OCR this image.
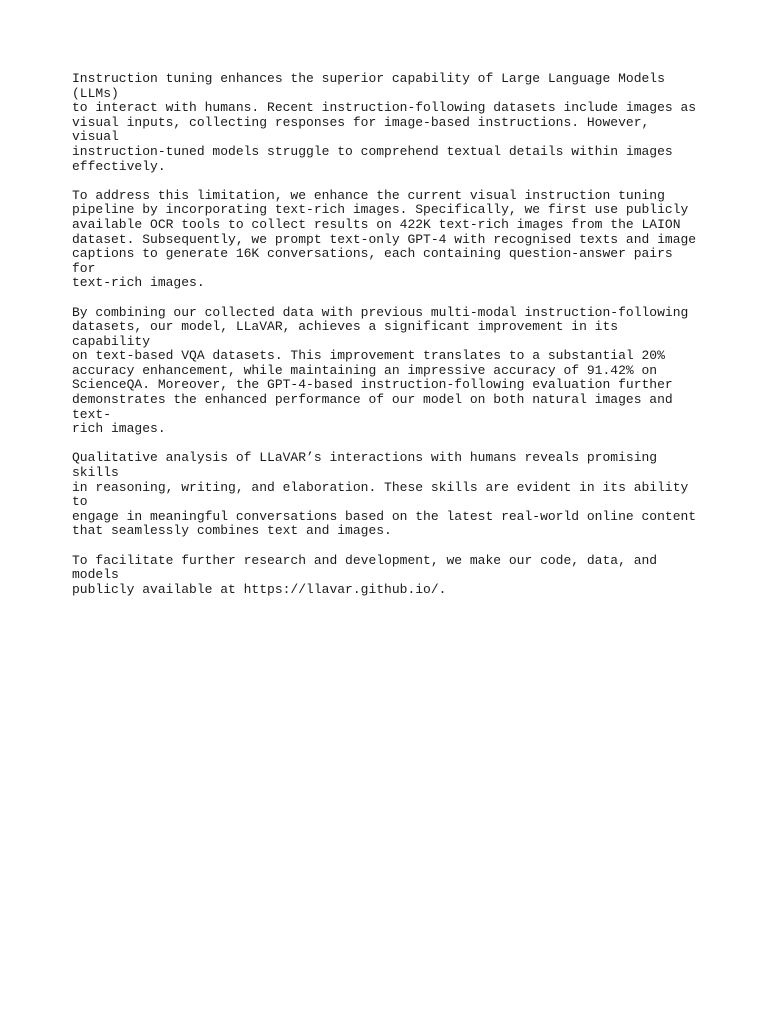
Instruction tuning enhances the superior capability of Large Language Models (LLMs)
to interact with humans. Recent instruction-following datasets include images as
visual inputs, collecting responses for image-based instructions. However, visual
instruction-tuned models struggle to comprehend textual details within images
effectively.

To address this limitation, we enhance the current visual instruction tuning
pipeline by incorporating text-rich images. Specifically, we first use publicly
available OCR tools to collect results on 422K text-rich images from the LAION
dataset. Subsequently, we prompt text-only GPT-4 with recognised texts and image
captions to generate 16K conversations, each containing question-answer pairs for
text-rich images.

By combining our collected data with previous multi-modal instruction-following
datasets, our model, LLaVAR, achieves a significant improvement in its capability
on text-based VQA datasets. This improvement translates to a substantial 20%
accuracy enhancement, while maintaining an impressive accuracy of 91.42% on
ScienceQA. Moreover, the GPT-4-based instruction-following evaluation further
demonstrates the enhanced performance of our model on both natural images and text-
rich images.

Qualitative analysis of LLaVAR’s interactions with humans reveals promising skills
in reasoning, writing, and elaboration. These skills are evident in its ability to
engage in meaningful conversations based on the latest real-world online content
that seamlessly combines text and images.

To facilitate further research and development, we make our code, data, and models
publicly available at https://llavar.github.io/.
